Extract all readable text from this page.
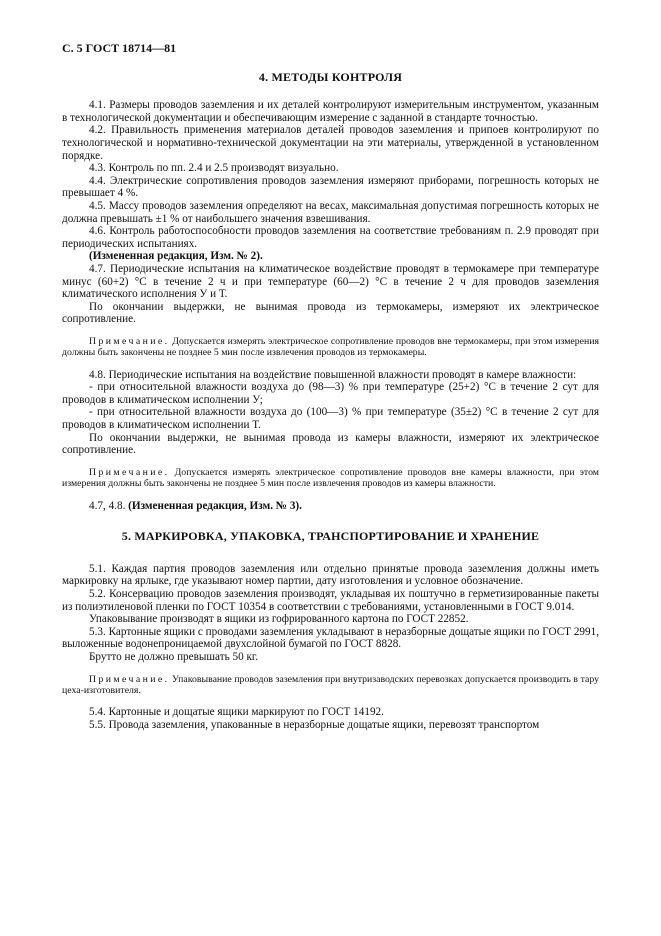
С. 5 ГОСТ 18714—81
4. МЕТОДЫ КОНТРОЛЯ

4.1. Размеры проводов заземления и их деталей контролируют измерительным инструментом, указанным в технологической документации и обеспечивающим измерение с заданной в стандарте точностью.

4.2. Правильность применения материалов деталей проводов заземления и припоев контролируют по технологической и нормативно-технической документации на эти материалы, утвержденной в установленном порядке.

4.3. Контроль по пп. 2.4 и 2.5 производят визуально.

4.4. Электрические сопротивления проводов заземления измеряют приборами, погрешность которых не превышает 4 %.

4.5. Массу проводов заземления определяют на весах, максимальная допустимая погрешность которых не должна превышать ±1 % от наибольшего значения взвешивания.

4.6. Контроль работоспособности проводов заземления на соответствие требованиям п. 2.9 проводят при периодических испытаниях.

(Измененная редакция, Изм. № 2).

4.7. Периодические испытания на климатическое воздействие проводят в термокамере при температуре минус (60+2) °С в течение 2 ч и при температуре (60—2) °С в течение 2 ч для проводов заземления климатического исполнения У и Т.

По окончании выдержки, не вынимая провода из термокамеры, измеряют их электрическое сопротивление.

Примечание. Допускается измерять электрическое сопротивление проводов вне термокамеры, при этом измерения должны быть закончены не позднее 5 мин после извлечения проводов из термокамеры.

4.8. Периодические испытания на воздействие повышенной влажности проводят в камере влажности:

- при относительной влажности воздуха до (98—3) % при температуре (25+2) °С в течение 2 сут для проводов в климатическом исполнении У;

- при относительной влажности воздуха до (100—3) % при температуре (35±2) °С в течение 2 сут для проводов в климатическом исполнении Т.

По окончании выдержки, не вынимая провода из камеры влажности, измеряют их электрическое сопротивление.

Примечание. Допускается измерять электрическое сопротивление проводов вне камеры влажности, при этом измерения должны быть закончены не позднее 5 мин после извлечения проводов из камеры влажности.

4.7, 4.8. (Измененная редакция, Изм. № 3).

5. МАРКИРОВКА, УПАКОВКА, ТРАНСПОРТИРОВАНИЕ И ХРАНЕНИЕ

5.1. Каждая партия проводов заземления или отдельно принятые провода заземления должны иметь маркировку на ярлыке, где указывают номер партии, дату изготовления и условное обозначение.

5.2. Консервацию проводов заземления производят, укладывая их поштучно в герметизированные пакеты из полиэтиленовой пленки по ГОСТ 10354 в соответствии с требованиями, установленными в ГОСТ 9.014.

Упаковывание производят в ящики из гофрированного картона по ГОСТ 22852.

5.3. Картонные ящики с проводами заземления укладывают в неразборные дощатые ящики по ГОСТ 2991, выложенные водонепроницаемой двухслойной бумагой по ГОСТ 8828.

Брутто не должно превышать 50 кг.

Примечание. Упаковывание проводов заземления при внутризаводских перевозках допускается производить в тару цеха-изготовителя.

5.4. Картонные и дощатые ящики маркируют по ГОСТ 14192.

5.5. Провода заземления, упакованные в неразборные дощатые ящики, перевозят транспортом
